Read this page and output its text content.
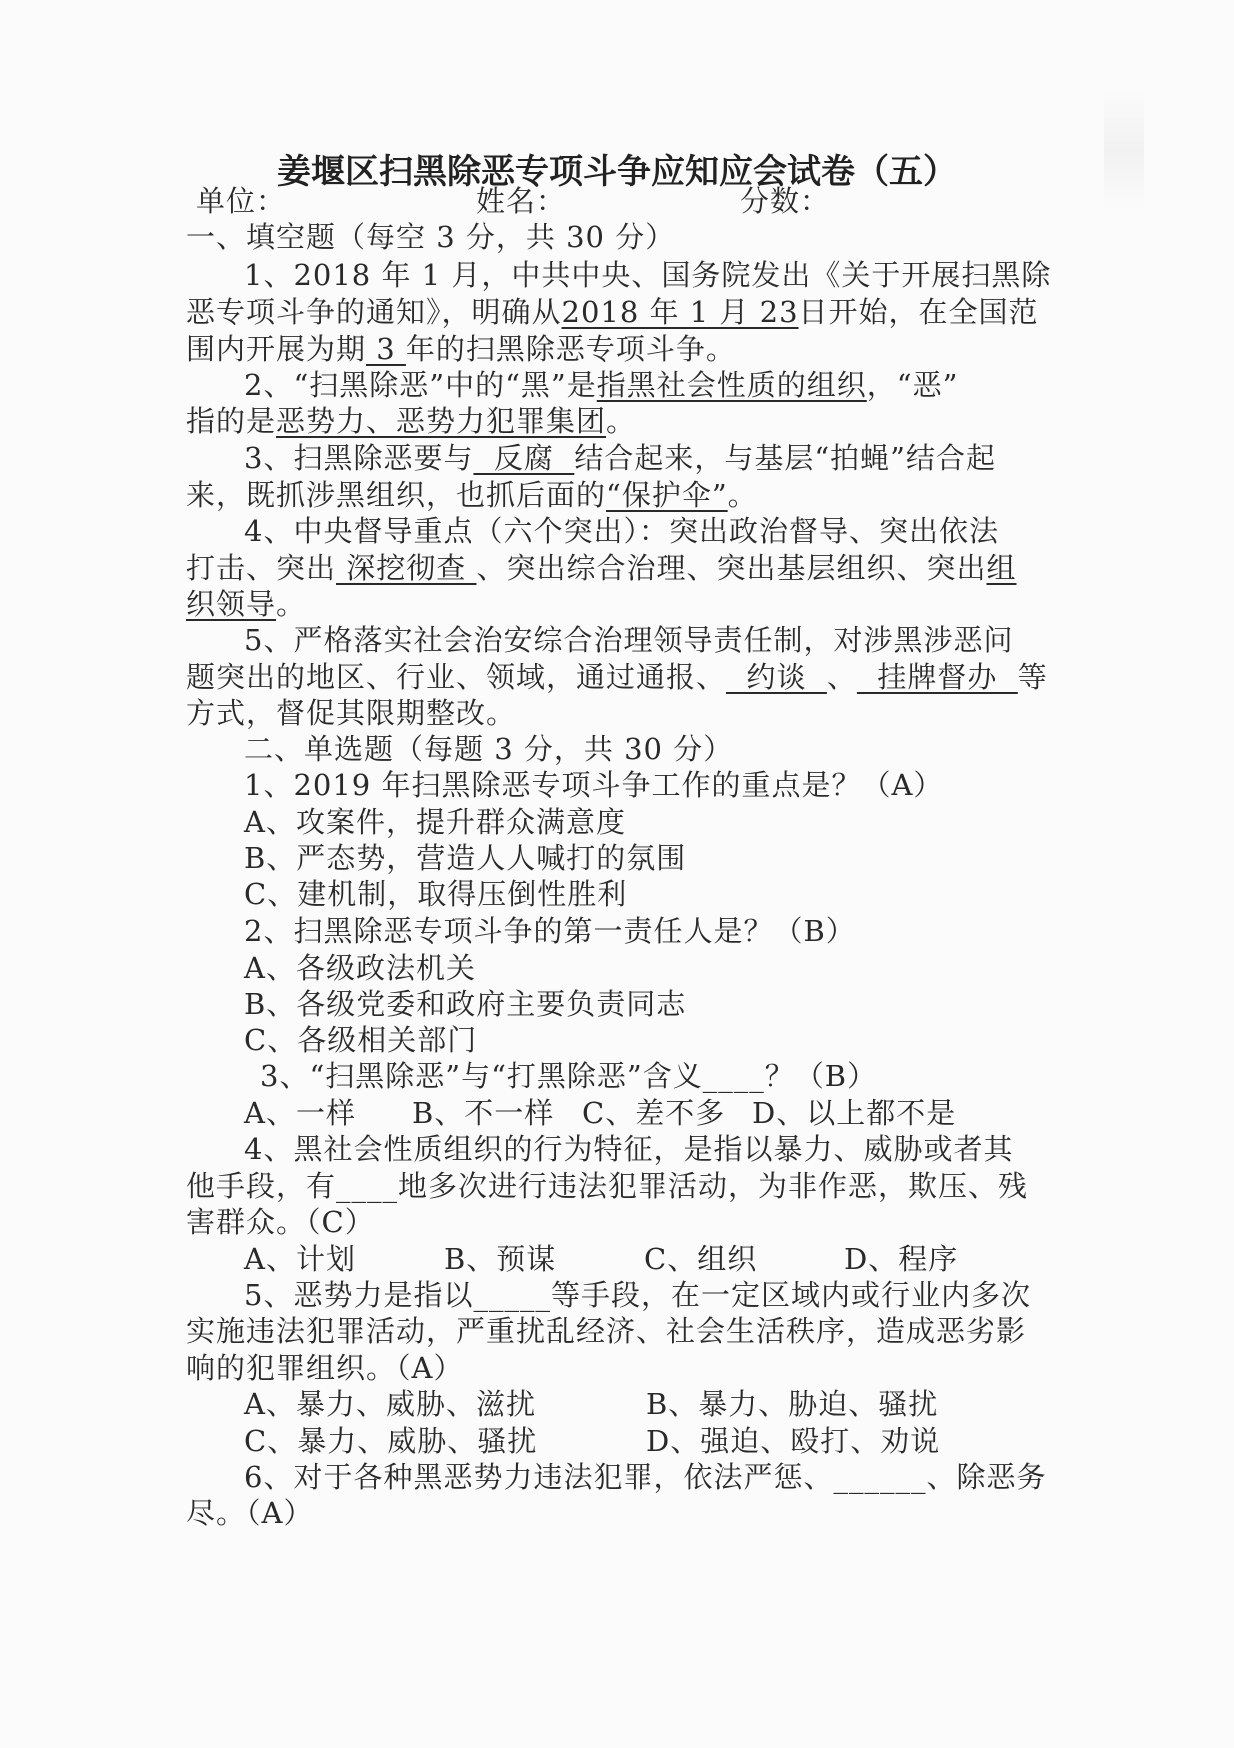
姜堰区扫黑除恶专项斗争应知应会试卷（五）
单位：	姓名：	分数：
一、填空题（每空 3 分，共 30 分）
1、2018 年 1 月，中共中央、国务院发出《关于开展扫黑除
恶专项斗争的通知》，明确从2018 年 1 月 23日开始，在全国范
围内开展为期 3 年的扫黑除恶专项斗争。
2、“扫黑除恶”中的“黑”是指黑社会性质的组织，“恶”
指的是恶势力、恶势力犯罪集团。
3、扫黑除恶要与  反腐  结合起来，与基层“拍蝇”结合起
来，既抓涉黑组织，也抓后面的“保护伞”。
4、中央督导重点（六个突出）：突出政治督导、突出依法
打击、突出 深挖彻查 、突出综合治理、突出基层组织、突出组
织领导。
5、严格落实社会治安综合治理领导责任制，对涉黑涉恶问
题突出的地区、行业、领域，通过通报、  约谈  、  挂牌督办  等
方式，督促其限期整改。
二、单选题（每题 3 分，共 30 分）
1、2019 年扫黑除恶专项斗争工作的重点是？（A）
A、攻案件，提升群众满意度
B、严态势，营造人人喊打的氛围
C、建机制，取得压倒性胜利
2、扫黑除恶专项斗争的第一责任人是？（B）
A、各级政法机关
B、各级党委和政府主要负责同志
C、各级相关部门
3、“扫黑除恶”与“打黑除恶”含义____？（B）
A、一样 B、不一样 C、差不多 D、以上都不是
4、黑社会性质组织的行为特征，是指以暴力、威胁或者其
他手段，有____地多次进行违法犯罪活动，为非作恶，欺压、残
害群众。（C）
A、计划	B、预谋	C、组织	D、程序
5、恶势力是指以_____等手段，在一定区域内或行业内多次
实施违法犯罪活动，严重扰乱经济、社会生活秩序，造成恶劣影
响的犯罪组织。（A）
A、暴力、威胁、滋扰	B、暴力、胁迫、骚扰
C、暴力、威胁、骚扰	D、强迫、殴打、劝说
6、对于各种黑恶势力违法犯罪，依法严惩、______、除恶务
尽。（A）
